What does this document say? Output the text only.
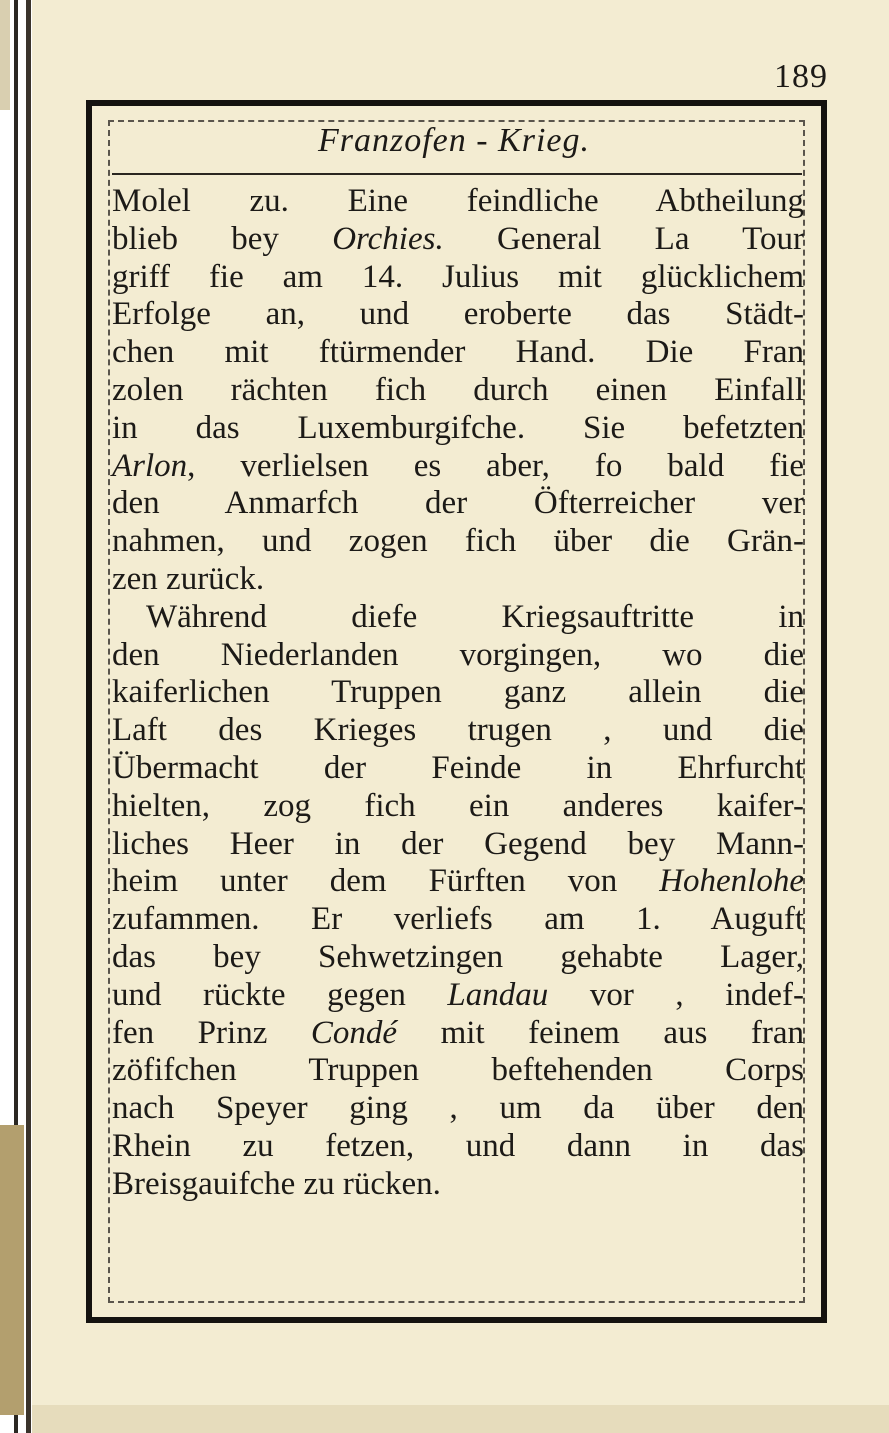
189
Franzofen - Krieg.
Molel zu. Eine feindliche Abtheilung
blieb bey Orchies. General La Tour
griff fie am 14. Julius mit glücklichem
Erfolge an, und eroberte das Städt-
chen mit ftürmender Hand. Die Fran
zolen rächten fich durch einen Einfall
in das Luxemburgifche. Sie befetzten
Arlon, verlielsen es aber, fo bald fie
den Anmarfch der Öfterreicher ver
nahmen, und zogen fich über die Grän-
zen zurück.
Während diefe Kriegsauftritte in
den Niederlanden vorgingen, wo die
kaiferlichen Truppen ganz allein die
Laft des Krieges trugen , und die
Übermacht der Feinde in Ehrfurcht
hielten, zog fich ein anderes kaifer-
liches Heer in der Gegend bey Mann-
heim unter dem Fürften von Hohenlohe
zufammen. Er verliefs am 1. Auguft
das bey Sehwetzingen gehabte Lager,
und rückte gegen Landau vor , indef-
fen Prinz Condé mit feinem aus fran
zöfifchen Truppen beftehenden Corps
nach Speyer ging , um da über den
Rhein zu fetzen, und dann in das
Breisgauifche zu rücken.
